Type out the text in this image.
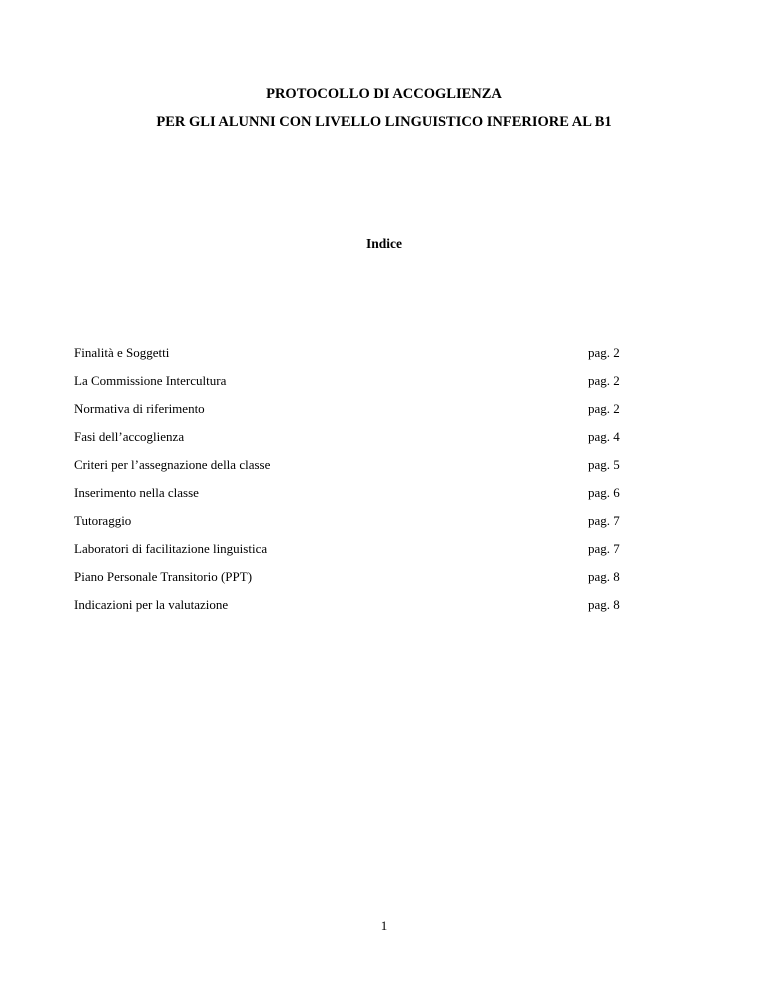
PROTOCOLLO DI ACCOGLIENZA
PER GLI ALUNNI CON LIVELLO LINGUISTICO INFERIORE AL B1
Indice
Finalità e Soggetti	pag. 2
La Commissione Intercultura	pag. 2
Normativa di riferimento	pag. 2
Fasi dell’accoglienza	pag. 4
Criteri per l’assegnazione della classe	pag. 5
Inserimento nella classe	pag. 6
Tutoraggio	pag. 7
Laboratori di facilitazione linguistica	pag. 7
Piano Personale Transitorio (PPT)	pag. 8
Indicazioni per la valutazione	pag. 8
1
